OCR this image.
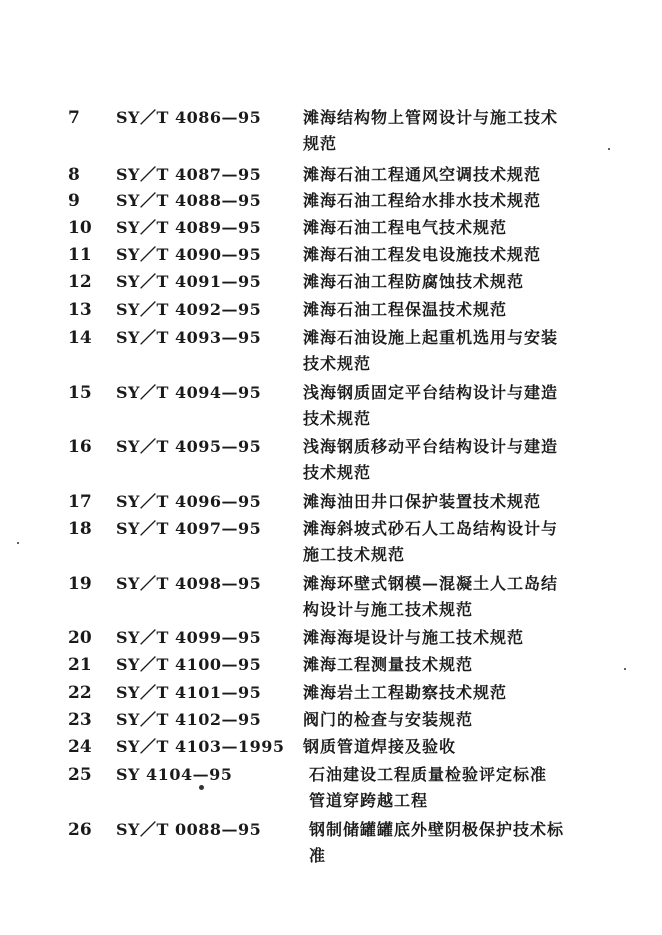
7	SY／T 4086—95	滩海结构物上管网设计与施工技术
规范
8	SY／T 4087—95	滩海石油工程通风空调技术规范
9	SY／T 4088—95	滩海石油工程给水排水技术规范
10	SY／T 4089—95	滩海石油工程电气技术规范
11	SY／T 4090—95	滩海石油工程发电设施技术规范
12	SY／T 4091—95	滩海石油工程防腐蚀技术规范
13	SY／T 4092—95	滩海石油工程保温技术规范
14	SY／T 4093—95	滩海石油设施上起重机选用与安装
技术规范
15	SY／T 4094—95	浅海钢质固定平台结构设计与建造
技术规范
16	SY／T 4095—95	浅海钢质移动平台结构设计与建造
技术规范
17	SY／T 4096—95	滩海油田井口保护装置技术规范
18	SY／T 4097—95	滩海斜坡式砂石人工岛结构设计与
施工技术规范
19	SY／T 4098—95	滩海环壁式钢模—混凝土人工岛结
构设计与施工技术规范
20	SY／T 4099—95	滩海海堤设计与施工技术规范
21	SY／T 4100—95	滩海工程测量技术规范
22	SY／T 4101—95	滩海岩土工程勘察技术规范
23	SY／T 4102—95	阀门的检查与安装规范
24	SY／T 4103—1995	钢质管道焊接及验收
25	SY 4104—95	石油建设工程质量检验评定标准
管道穿跨越工程
26	SY／T 0088—95	钢制储罐罐底外壁阴极保护技术标
准
